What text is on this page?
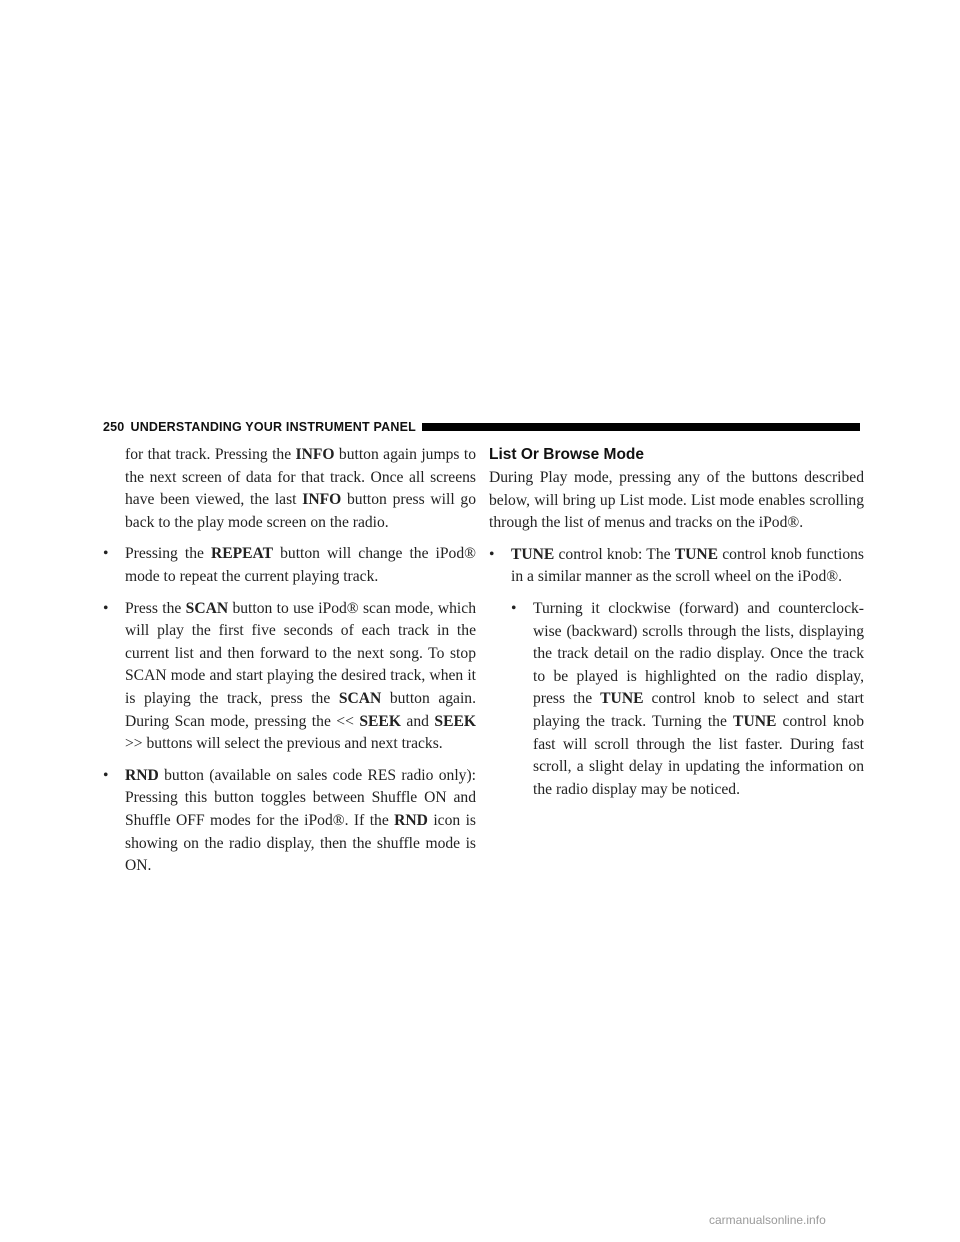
250 UNDERSTANDING YOUR INSTRUMENT PANEL

for that track. Pressing the INFO button again jumps to the next screen of data for that track. Once all screens have been viewed, the last INFO button press will go back to the play mode screen on the radio.

• Pressing the REPEAT button will change the iPod® mode to repeat the current playing track.
• Press the SCAN button to use iPod® scan mode, which will play the first five seconds of each track in the current list and then forward to the next song. To stop SCAN mode and start playing the desired track, when it is playing the track, press the SCAN button again. During Scan mode, pressing the << SEEK and SEEK >> buttons will select the previous and next tracks.
• RND button (available on sales code RES radio only): Pressing this button toggles between Shuffle ON and Shuffle OFF modes for the iPod®. If the RND icon is showing on the radio display, then the shuffle mode is ON.
List Or Browse Mode

During Play mode, pressing any of the buttons described below, will bring up List mode. List mode enables scrolling through the list of menus and tracks on the iPod®.

• TUNE control knob: The TUNE control knob functions in a similar manner as the scroll wheel on the iPod®.
• Turning it clockwise (forward) and counterclock-wise (backward) scrolls through the lists, displaying the track detail on the radio display. Once the track to be played is highlighted on the radio display, press the TUNE control knob to select and start playing the track. Turning the TUNE control knob fast will scroll through the list faster. During fast scroll, a slight delay in updating the information on the radio display may be noticed.
carmanualsonline.info
